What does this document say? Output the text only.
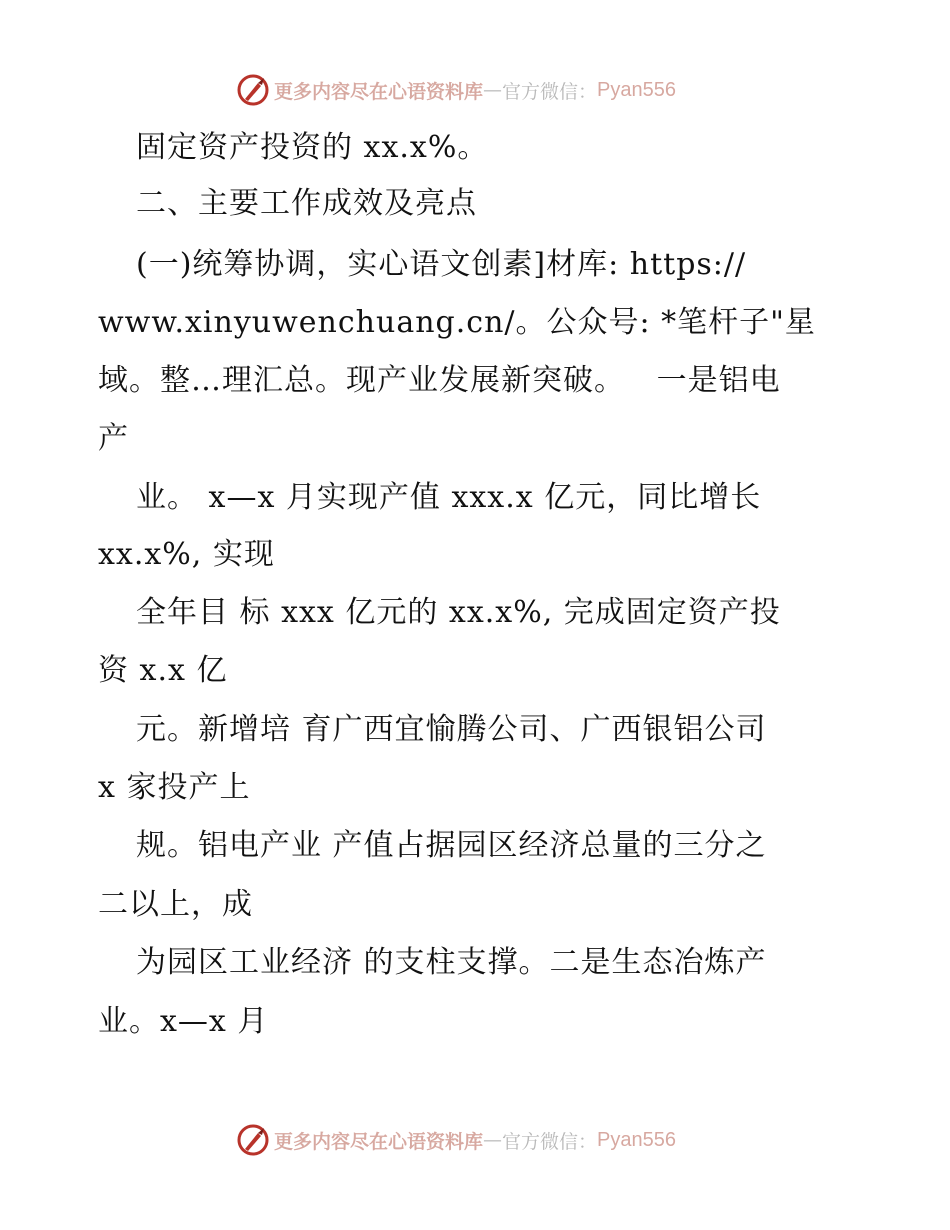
更多内容尽在心语资料库 — 官方微信： Pyan556
固定资产投资的 xx.x%。
二、主要工作成效及亮点
(一)统筹协调，实心语文创素]材库: https://
www.xinyuwenchuang.cn/。公众号: *笔杆子"星
域。整…理汇总。现产业发展新突破。   一是铝电
产
业。 x—x 月实现产值 xxx.x 亿元，同比增长
xx.x%, 实现
全年目 标 xxx 亿元的 xx.x%, 完成固定资产投
资 x.x 亿
元。新增培 育广西宜愉腾公司、广西银铝公司
x 家投产上
规。铝电产业 产值占据园区经济总量的三分之
二以上，成
为园区工业经济 的支柱支撑。二是生态冶炼产
业。x—x 月
更多内容尽在心语资料库 — 官方微信： Pyan556
